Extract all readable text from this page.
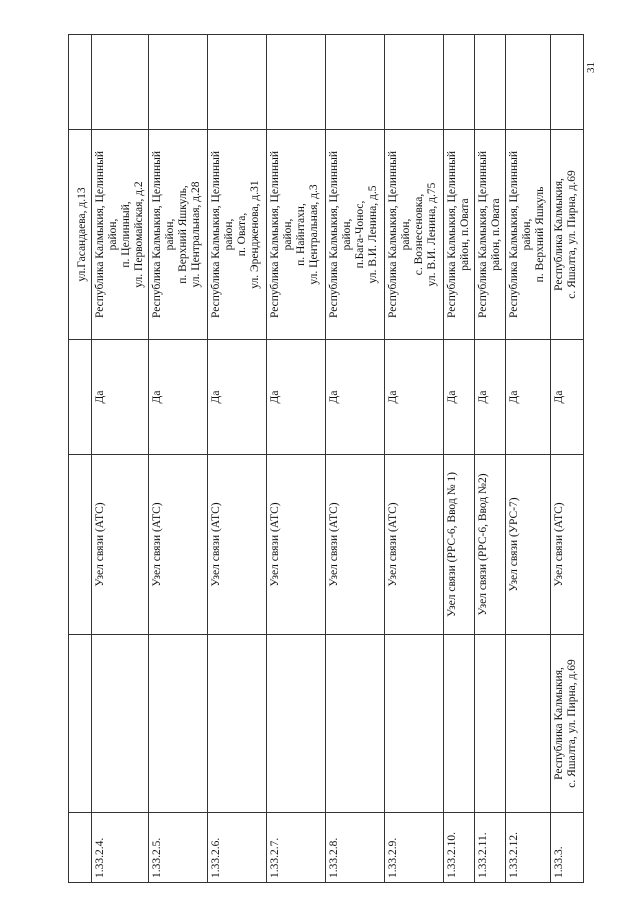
				ул.Гасандаева, д.13	
1.33.2.4.		Узел связи (АТС)	Да	Республика Калмыкия, Целинный район, п. Целинный, ул. Первомайская, д.2	

1.33.2.5.		Узел связи (АТС)	Да	Республика Калмыкия, Целинный район, п. Верхний Яшкуль, ул. Центральная, д.28	

1.33.2.6.		Узел связи (АТС)	Да	Республика Калмыкия, Целинный район, п. Овата, ул. Эрендженова, д.31	

1.33.2.7.		Узел связи (АТС)	Да	Республика Калмыкия, Целинный район, п. Найнтахн, ул. Центральная, д.3	

1.33.2.8.		Узел связи (АТС)	Да	Республика Калмыкия, Целинный район, п.Бага-Чонос, ул. В.И. Ленина, д.5	

1.33.2.9.		Узел связи (АТС)	Да	Республика Калмыкия, Целинный район, с. Вознесеновка, ул. В.И. Ленина, д.75	

1.33.2.10.		Узел связи (РРС-6, Ввод № 1)	Да	Республика Калмыкия, Целинный район, п.Овата	

1.33.2.11.		Узел связи (РРС-6, Ввод №2)	Да	Республика Калмыкия, Целинный район, п.Овата	

1.33.2.12.		Узел связи (УРС-7)	Да	Республика Калмыкия, Целинный район, п. Верхний Яшкуль	

1.33.3.	Республика Калмыкия, с. Яшалта, ул. Пирна, д.69	Узел связи (АТС)	Да	Республика Калмыкия, с. Яшалта, ул. Пирна, д.69	

31
